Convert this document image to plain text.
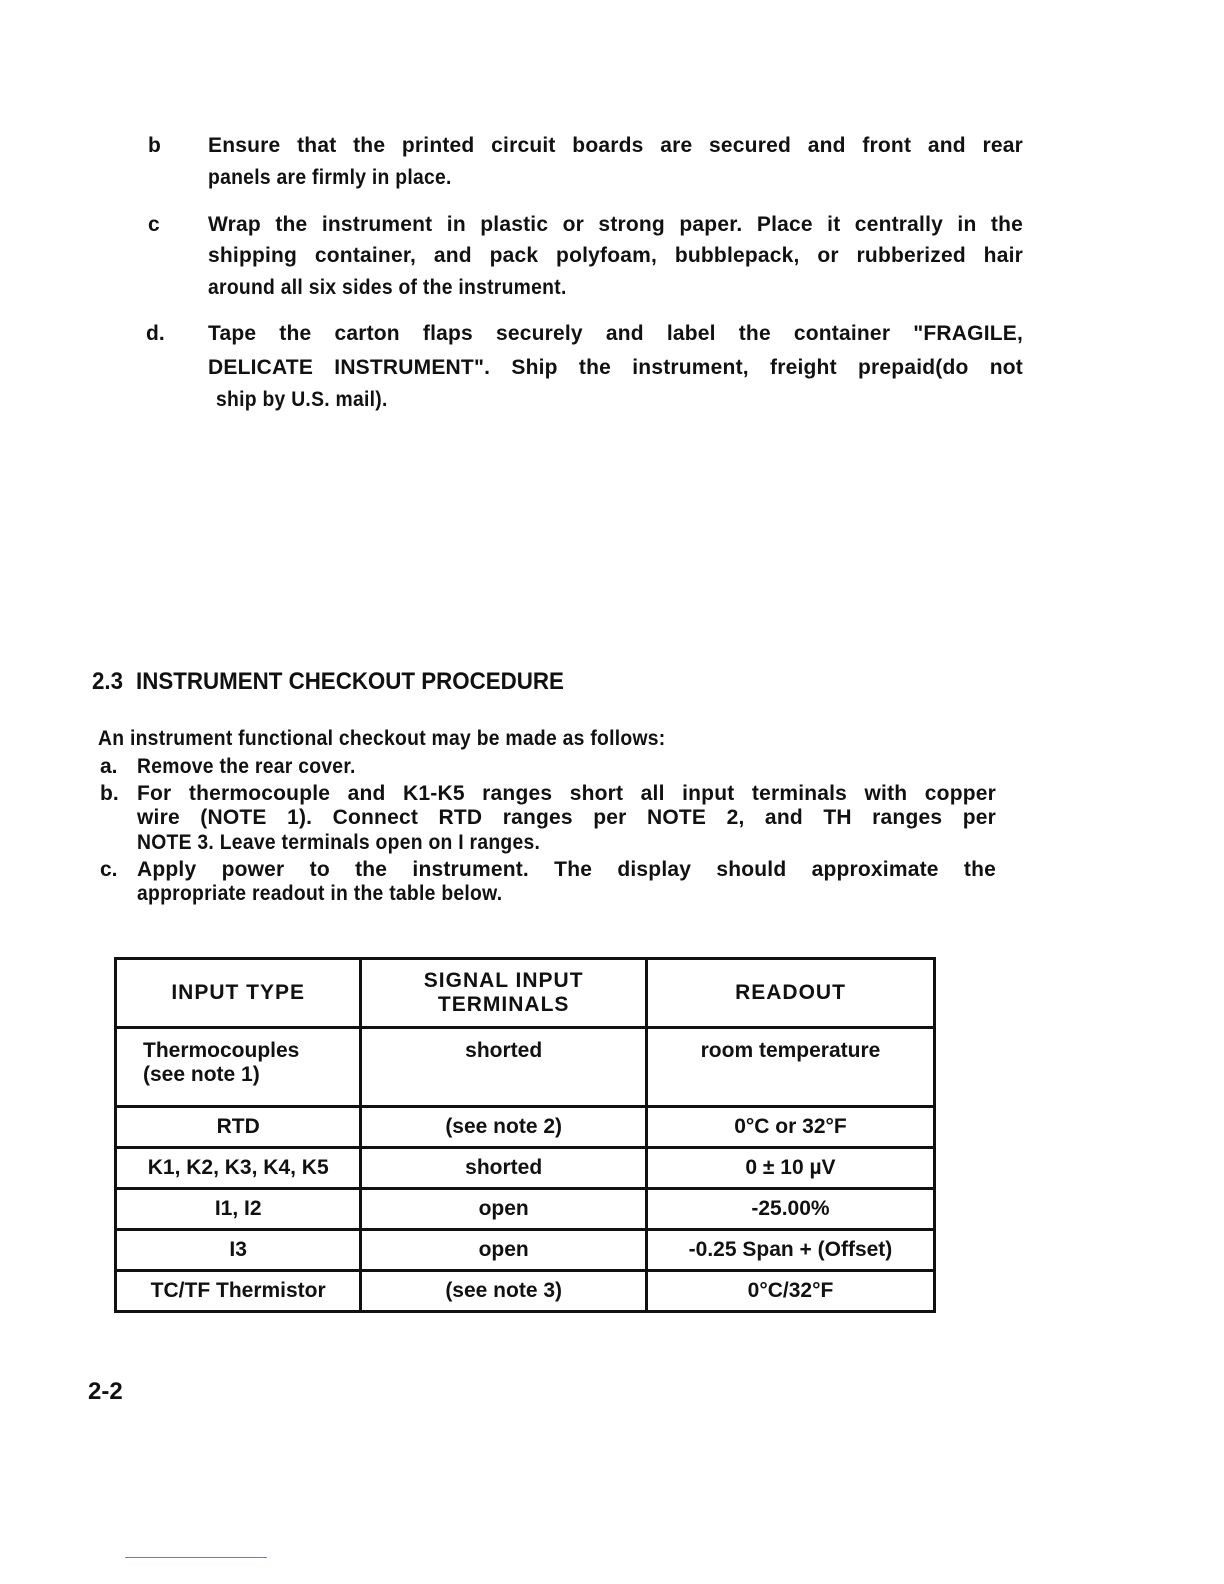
b Ensure that the printed circuit boards are secured and front and rear
panels are firmly in place.
c Wrap the instrument in plastic or strong paper. Place it centrally in the
shipping container, and pack polyfoam, bubblepack, or rubberized hair
around all six sides of the instrument.
d. Tape the carton flaps securely and label the container "FRAGILE,
DELICATE INSTRUMENT". Ship the instrument, freight prepaid(do not
ship by U.S. mail).
2.3 INSTRUMENT CHECKOUT PROCEDURE
An instrument functional checkout may be made as follows:
a. Remove the rear cover.
b. For thermocouple and K1-K5 ranges short all input terminals with copper
wire (NOTE 1). Connect RTD ranges per NOTE 2, and TH ranges per
NOTE 3. Leave terminals open on I ranges.
c. Apply power to the instrument. The display should approximate the
appropriate readout in the table below.
INPUT TYPE	SIGNAL INPUT TERMINALS	READOUT
Thermocouples (see note 1)	shorted	room temperature
RTD	(see note 2)	0°C or 32°F
K1, K2, K3, K4, K5	shorted	0 ± 10 µV
I1, I2	open	-25.00%
I3	open	-0.25 Span + (Offset)
TC/TF Thermistor	(see note 3)	0°C/32°F
2-2
